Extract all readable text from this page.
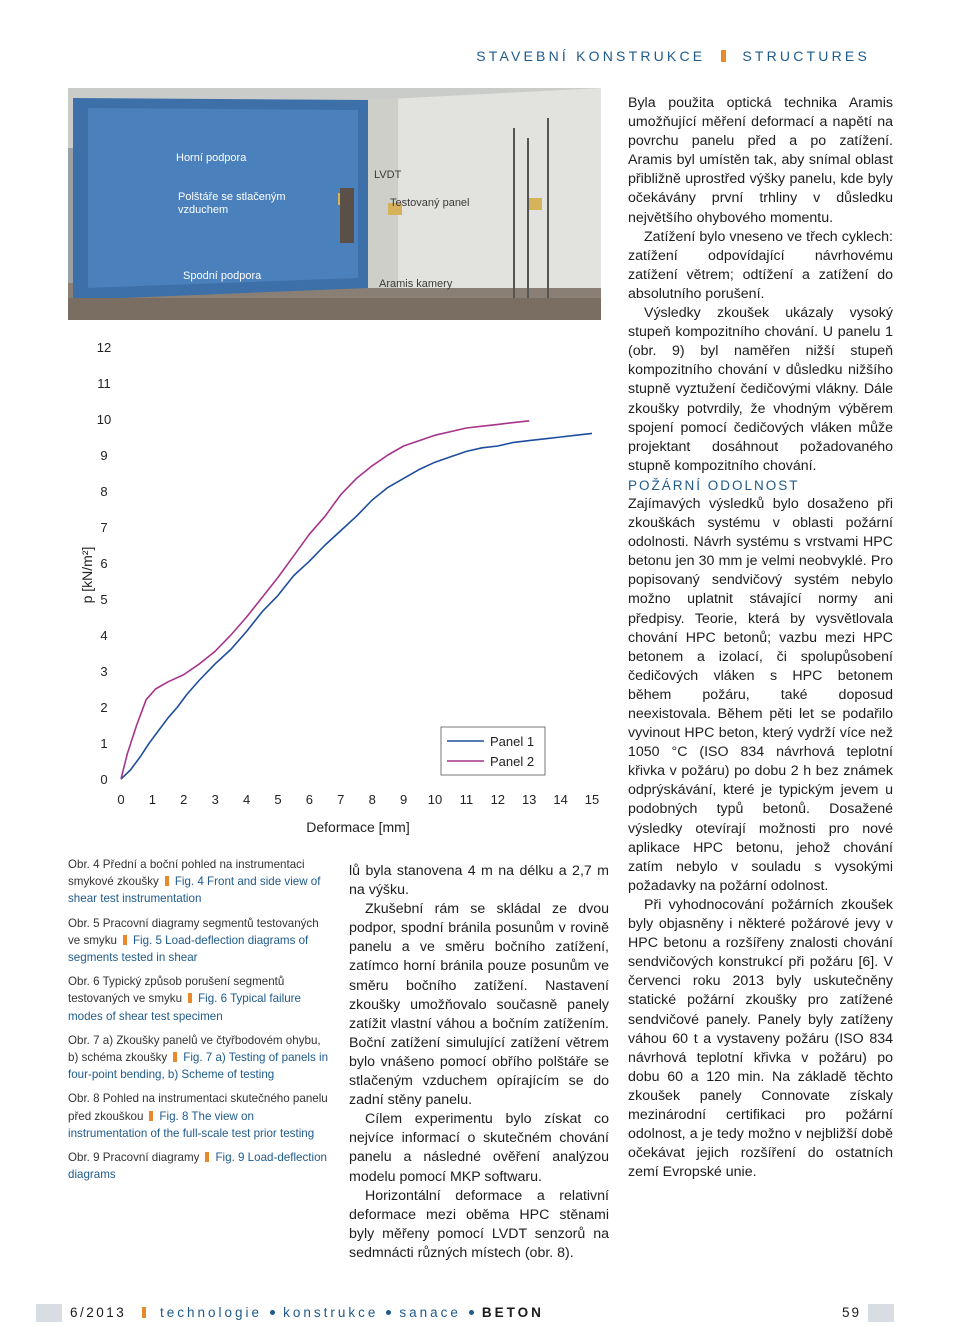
STAVEBNÍ KONSTRUKCE	STRUCTURES
Horní podpora
Polštáře se stlačeným
vzduchem
Spodní podpora
LVDT
Testovaný panel
Aramis kamery
0
1
2
3
4
5
6
7
8
9
10
11
12
0 1 2 3 4 5 6 7 8 9 10 11 12 13 14 15
p [kN/m²]
Deformace [mm]
Panel 1
Panel 2
Obr. 4 Přední a boční pohled na instrumentaci smykové zkoušky Fig. 4 Front and side view of shear test instrumentation
Obr. 5 Pracovní diagramy segmentů testovaných ve smyku Fig. 5 Load-deflection diagrams of segments tested in shear
Obr. 6 Typický způsob porušení segmentů testovaných ve smyku Fig. 6 Typical failure modes of shear test specimen
Obr. 7 a) Zkoušky panelů ve čtyřbodovém ohybu, b) schéma zkoušky Fig. 7 a) Testing of panels in four-point bending, b) Scheme of testing
Obr. 8 Pohled na instrumentaci skutečného panelu před zkouškou Fig. 8 The view on instrumentation of the full-scale test prior testing
Obr. 9 Pracovní diagramy Fig. 9 Load-deflection diagrams

lů byla stanovena 4 m na délku a 2,7 m na výšku.

Zkušební rám se skládal ze dvou podpor, spodní bránila posunům v rovině panelu a ve směru bočního zatížení, zatímco horní bránila pouze posunům ve směru bočního zatížení. Nastavení zkoušky umožňovalo současně panely zatížit vlastní váhou a bočním zatížením. Boční zatížení simulující zatížení větrem bylo vnášeno pomocí obřího polštáře se stlačeným vzduchem opírajícím se do zadní stěny panelu.

Cílem experimentu bylo získat co nejvíce informací o skutečném chování panelu a následné ověření analýzou modelu pomocí MKP softwaru.

Horizontální deformace a relativní deformace mezi oběma HPC stěnami byly měřeny pomocí LVDT senzorů na sedmnácti různých místech (obr. 8).

Byla použita optická technika Aramis umožňující měření deformací a napětí na povrchu panelu před a po zatížení. Aramis byl umístěn tak, aby snímal oblast přibližně uprostřed výšky panelu, kde byly očekávány první trhliny v důsledku největšího ohybového momentu.

Zatížení bylo vneseno ve třech cyklech: zatížení odpovídající návrhovému zatížení větrem; odtížení a zatížení do absolutního porušení.

Výsledky zkoušek ukázaly vysoký stupeň kompozitního chování. U panelu 1 (obr. 9) byl naměřen nižší stupeň kompozitního chování v důsledku nižšího stupně vyztužení čedičovými vlákny. Dále zkoušky potvrdily, že vhodným výběrem spojení pomocí čedičových vláken může projektant dosáhnout požadovaného stupně kompozitního chování.

POŽÁRNÍ ODOLNOST

Zajímavých výsledků bylo dosaženo při zkouškách systému v oblasti požární odolnosti. Návrh systému s vrstvami HPC betonu jen 30 mm je velmi neobvyklé. Pro popisovaný sendvičový systém nebylo možno uplatnit stávající normy ani předpisy. Teorie, která by vysvětlovala chování HPC betonů; vazbu mezi HPC betonem a izolací, či spolupůsobení čedičových vláken s HPC betonem během požáru, také doposud neexistovala. Během pěti let se podařilo vyvinout HPC beton, který vydrží více než 1050 °C (ISO 834 návrhová teplotní křivka v požáru) po dobu 2 h bez známek odprýskávání, které je typickým jevem u podobných typů betonů. Dosažené výsledky otevírají možnosti pro nové aplikace HPC betonu, jehož chování zatím nebylo v souladu s vysokými požadavky na požární odolnost.

Při vyhodnocování požárních zkoušek byly objasněny i některé požárové jevy v HPC betonu a rozšířeny znalosti chování sendvičových konstrukcí při požáru [6]. V červenci roku 2013 byly uskutečněny statické požární zkoušky pro zatížené sendvičové panely. Panely byly zatíženy váhou 60 t a vystaveny požáru (ISO 834 návrhová teplotní křivka v požáru) po dobu 60 a 120 min. Na základě těchto zkoušek panely Connovate získaly mezinárodní certifikaci pro požární odolnost, a je tedy možno v nejbližší době očekávat jejich rozšíření do ostatních zemí Evropské unie.

6/2013	technologie konstrukce sanace BETON	59
